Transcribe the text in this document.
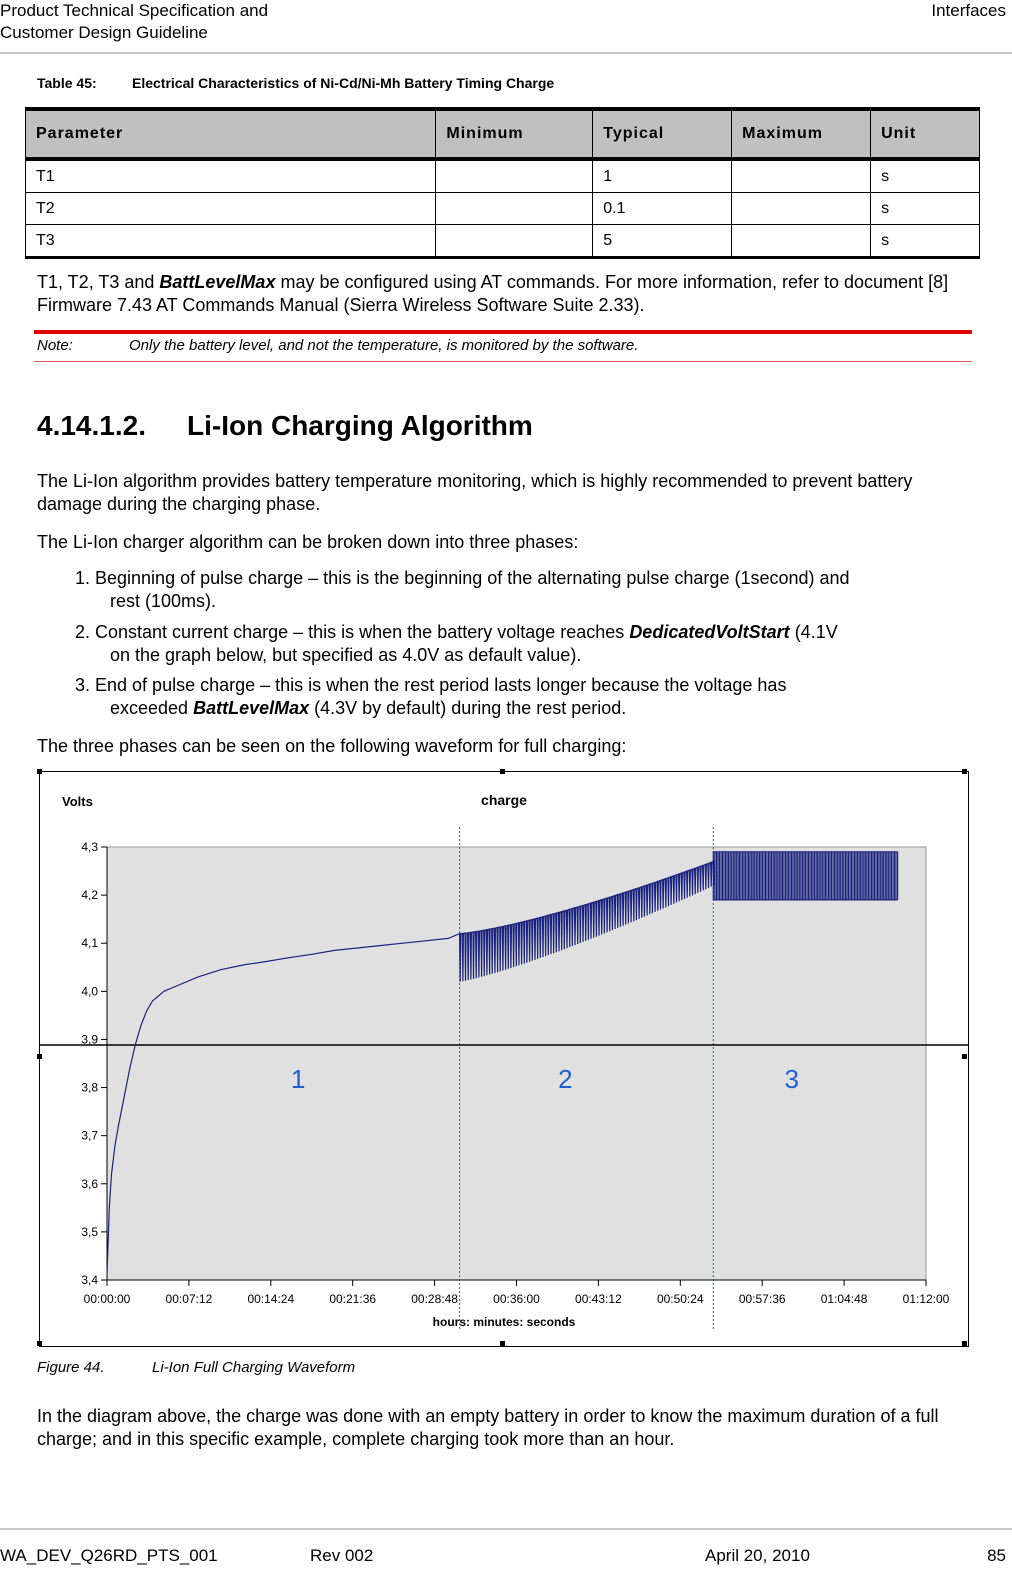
Product Technical Specification and
Customer Design Guideline
Interfaces
Table 45:	Electrical Characteristics of Ni-Cd/Ni-Mh Battery Timing Charge
Parameter	Minimum	Typical	Maximum	Unit
T1		1		s
T2		0.1		s
T3		5		s
T1, T2, T3 and BattLevelMax may be configured using AT commands. For more information, refer to document [8] Firmware 7.43 AT Commands Manual (Sierra Wireless Software Suite 2.33).
Note:	Only the battery level, and not the temperature, is monitored by the software.
4.14.1.2. Li-Ion Charging Algorithm
The Li-Ion algorithm provides battery temperature monitoring, which is highly recommended to prevent battery damage during the charging phase.
The Li-Ion charger algorithm can be broken down into three phases:
1. Beginning of pulse charge – this is the beginning of the alternating pulse charge (1second) and
rest (100ms).
2. Constant current charge – this is when the battery voltage reaches DedicatedVoltStart (4.1V
on the graph below, but specified as 4.0V as default value).
3. End of pulse charge – this is when the rest period lasts longer because the voltage has
exceeded BattLevelMax (4.3V by default) during the rest period.
The three phases can be seen on the following waveform for full charging:
4,3
4,2
4,1
4,0
3,9
3,8
3,7
3,6
3,5
3,4
00:00:00	00:07:12	00:14:24	00:21:36	00:28:48	00:36:00	00:43:12	00:50:24	00:57:36	01:04:48	01:12:00
Volts	charge
hours: minutes: seconds
1	2	3
Figure 44.	Li-Ion Full Charging Waveform
In the diagram above, the charge was done with an empty battery in order to know the maximum duration of a full charge; and in this specific example, complete charging took more than an hour.
WA_DEV_Q26RD_PTS_001	Rev 002	April 20, 2010	85
